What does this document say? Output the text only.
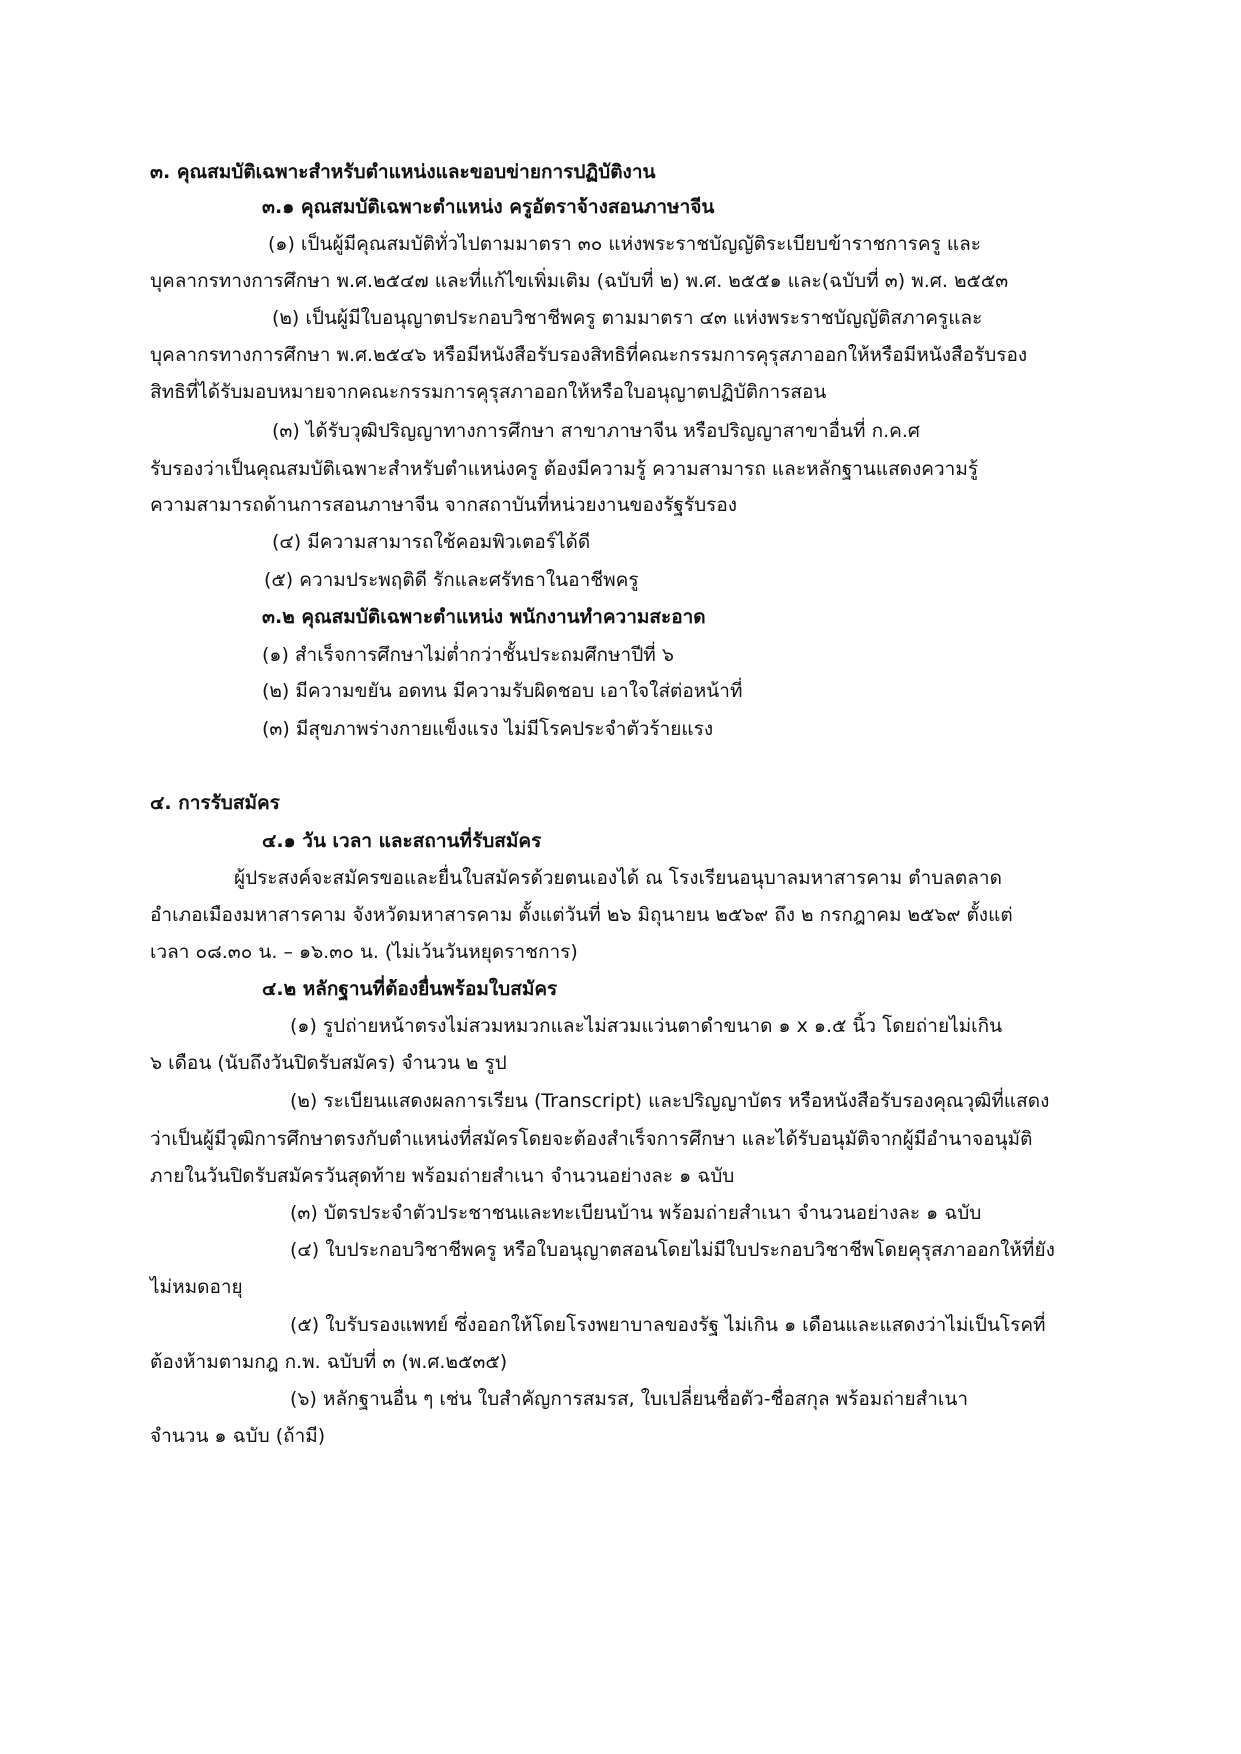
๓. คุณสมบัติเฉพาะสำหรับตำแหน่งและขอบข่ายการปฏิบัติงาน
๓.๑ คุณสมบัติเฉพาะตำแหน่ง ครูอัตราจ้างสอนภาษาจีน
(๑) เป็นผู้มีคุณสมบัติทั่วไปตามมาตรา ๓๐ แห่งพระราชบัญญัติระเบียบข้าราชการครู และ
บุคลากรทางการศึกษา พ.ศ.๒๕๔๗ และที่แก้ไขเพิ่มเติม (ฉบับที่ ๒) พ.ศ. ๒๕๕๑ และ(ฉบับที่ ๓) พ.ศ. ๒๕๕๓
(๒) เป็นผู้มีใบอนุญาตประกอบวิชาชีพครู ตามมาตรา ๔๓ แห่งพระราชบัญญัติสภาครูและ
บุคลากรทางการศึกษา พ.ศ.๒๕๔๖ หรือมีหนังสือรับรองสิทธิที่คณะกรรมการคุรุสภาออกให้หรือมีหนังสือรับรอง
สิทธิที่ได้รับมอบหมายจากคณะกรรมการคุรุสภาออกให้หรือใบอนุญาตปฏิบัติการสอน
(๓) ได้รับวุฒิปริญญาทางการศึกษา สาขาภาษาจีน หรือปริญญาสาขาอื่นที่ ก.ค.ศ
รับรองว่าเป็นคุณสมบัติเฉพาะสำหรับตำแหน่งครู ต้องมีความรู้ ความสามารถ และหลักฐานแสดงความรู้
ความสามารถด้านการสอนภาษาจีน จากสถาบันที่หน่วยงานของรัฐรับรอง
(๔) มีความสามารถใช้คอมพิวเตอร์ได้ดี
(๕) ความประพฤติดี รักและศรัทธาในอาชีพครู
๓.๒ คุณสมบัติเฉพาะตำแหน่ง พนักงานทำความสะอาด
(๑) สำเร็จการศึกษาไม่ต่ำกว่าชั้นประถมศึกษาปีที่ ๖
(๒) มีความขยัน อดทน มีความรับผิดชอบ เอาใจใส่ต่อหน้าที่
(๓) มีสุขภาพร่างกายแข็งแรง ไม่มีโรคประจำตัวร้ายแรง
๔. การรับสมัคร
๔.๑ วัน เวลา และสถานที่รับสมัคร
ผู้ประสงค์จะสมัครขอและยื่นใบสมัครด้วยตนเองได้ ณ โรงเรียนอนุบาลมหาสารคาม ตำบลตลาด
อำเภอเมืองมหาสารคาม จังหวัดมหาสารคาม ตั้งแต่วันที่ ๒๖ มิถุนายน ๒๕๖๙ ถึง ๒ กรกฎาคม ๒๕๖๙ ตั้งแต่
เวลา ๐๘.๓๐ น. – ๑๖.๓๐ น. (ไม่เว้นวันหยุดราชการ)
๔.๒ หลักฐานที่ต้องยื่นพร้อมใบสมัคร
(๑) รูปถ่ายหน้าตรงไม่สวมหมวกและไม่สวมแว่นตาดำขนาด ๑ x ๑.๕ นิ้ว โดยถ่ายไม่เกิน
๖ เดือน (นับถึงวันปิดรับสมัคร) จำนวน ๒ รูป
(๒) ระเบียนแสดงผลการเรียน (Transcript) และปริญญาบัตร หรือหนังสือรับรองคุณวุฒิที่แสดง
ว่าเป็นผู้มีวุฒิการศึกษาตรงกับตำแหน่งที่สมัครโดยจะต้องสำเร็จการศึกษา และได้รับอนุมัติจากผู้มีอำนาจอนุมัติ
ภายในวันปิดรับสมัครวันสุดท้าย พร้อมถ่ายสำเนา จำนวนอย่างละ ๑ ฉบับ
(๓) บัตรประจำตัวประชาชนและทะเบียนบ้าน พร้อมถ่ายสำเนา จำนวนอย่างละ ๑ ฉบับ
(๔) ใบประกอบวิชาชีพครู หรือใบอนุญาตสอนโดยไม่มีใบประกอบวิชาชีพโดยคุรุสภาออกให้ที่ยัง
ไม่หมดอายุ
(๕) ใบรับรองแพทย์ ซึ่งออกให้โดยโรงพยาบาลของรัฐ ไม่เกิน ๑ เดือนและแสดงว่าไม่เป็นโรคที่
ต้องห้ามตามกฎ ก.พ. ฉบับที่ ๓ (พ.ศ.๒๕๓๕)
(๖) หลักฐานอื่น ๆ เช่น ใบสำคัญการสมรส, ใบเปลี่ยนชื่อตัว-ชื่อสกุล พร้อมถ่ายสำเนา
จำนวน ๑ ฉบับ (ถ้ามี)
